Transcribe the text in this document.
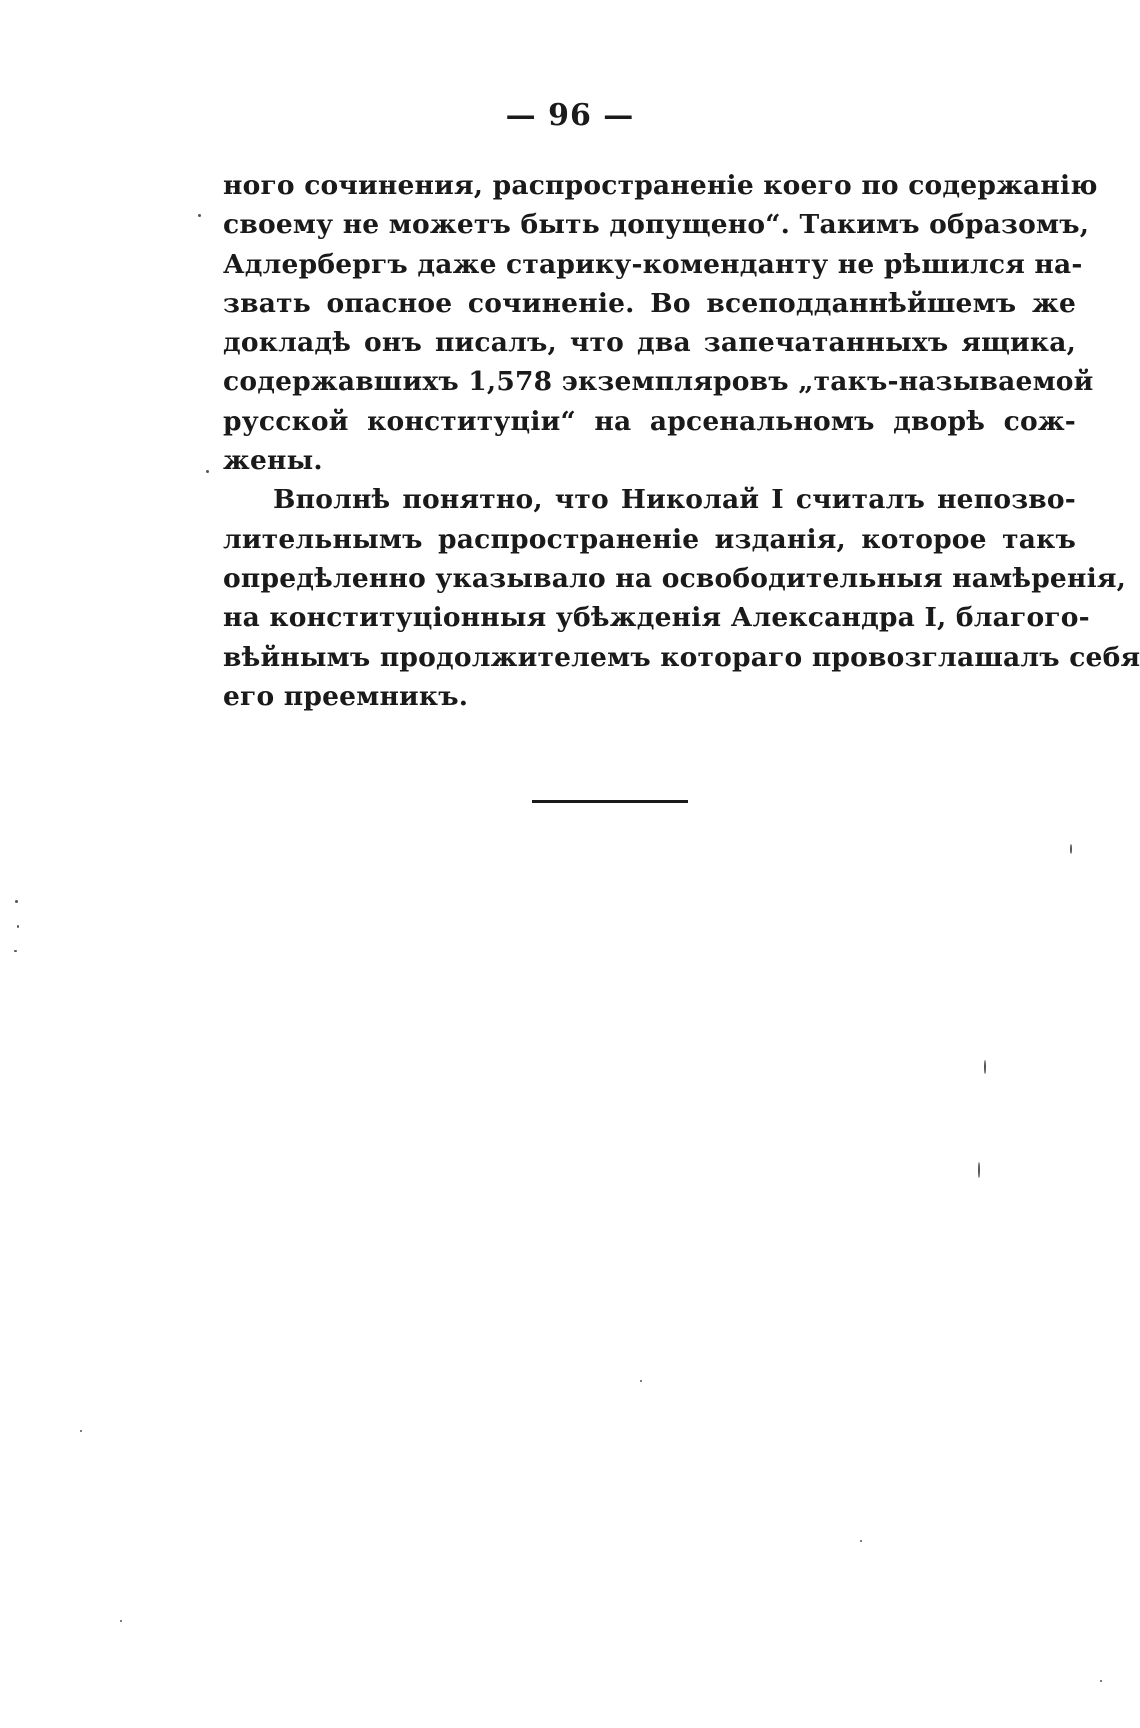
— 96 —
ного сочинения, распространеніе коего по содержанію
своему не можетъ быть допущено“. Такимъ образомъ,
Адлербергъ даже старику-коменданту не рѣшился на-
звать опасное сочиненіе. Во всеподданнѣйшемъ же
докладѣ онъ писалъ, что два запечатанныхъ ящика,
содержавшихъ 1,578 экземпляровъ „такъ-называемой
русской конституціи“ на арсенальномъ дворѣ сож-
жены.
Вполнѣ понятно, что Николай I считалъ непозво-
лительнымъ распространеніе изданія, которое такъ
опредѣленно указывало на освободительныя намѣренія,
на конституціонныя убѣжденія Александра I, благого-
вѣйнымъ продолжителемъ котораго провозглашалъ себя
его преемникъ.
